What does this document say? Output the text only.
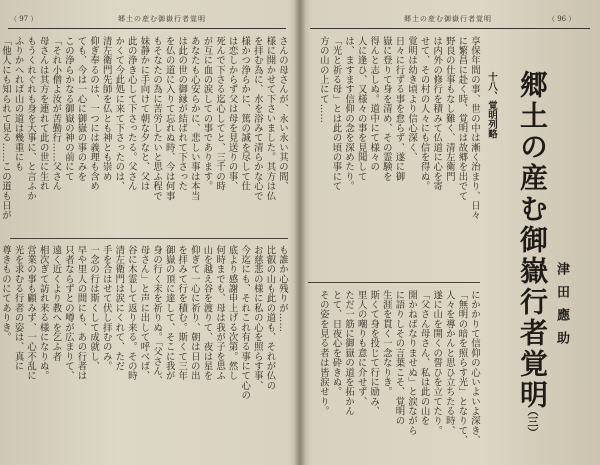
（ 97 ）	郷土の産む御嶽行者覚明
さんの母さんが、永い永い其の間、
様に開かせて下さいました。其方は仏
を拝む為に、水を浴みて清らかな心で
様かつ浄らかに、篤の誠を尽して仕
は恋しからず父は母を見送りの事、
死んで下さる迄心してと、三千の時
が互に血の涙しての事であります。
あなたも心安らかに、悲しい事は本当
は此の世の御縁が結ばれて下さった
を仏の道に入りて忘れぬ時、今は何事
もそなたの為に苦労したいと思ふ程で
妹静かに手向けて朝な夕なと、父は
此の浄き心して下さったる。父さん
かくて今此処に来て下さったのは、
清左衛門先師を仏とも神とも崇め
仰ぎ奉るのは、一つには義理も含め
ても、今は一心に御嶽の事のみを
この浄らかなる御嶽の神の前にて
「それ小僧よ汝が苦勤行……父さん
母さんは其方を連れて此の世に生れ
もうくれぐれも身を大事に、と言ふか
ふりかへれば山の道は幾重にも
「他人にも知られて見る……この道も日が
も誰か心残りが……
比叡の山も此の道も、それが仏の
お慈悲の様に私の心を照らす事、
今迄にも、それこれ有る事にて心の
底より感謝申上げる次第。然し
何時までも、母は我が子を思ふ
山を越え谷を渡りて、夜は星を
仰ぎて一心に祈り、朝は日の出
を拝みて行を積む。斯くて三年
御嶽の頂に達して、そこに我が
身の行く末を祈りぬ。「父さん、
母さん」と声に出して呼べば、
谷に木霊して返り来る。その時
清左衛門は涙にくれて、ただ
手を合はせて伏し拝むのみ。
一念の行は斯くして成就し、
早や里人の間にも、あの行者は
只者ならずとの噂が広まりて、
遠く近くより教へを乞ふ者
相次ぎて訪れ来る様になりぬ。
営業の事も顧みず、一心不乱に
光を求むる行者の姿は、真に
尊きものにてありき。
郷土の産む御嶽行者覚明	（ 96 ）
享保年間の事、世の中は漸く治まり、日々
に繁昌に赴く時、覚明は故郷を出でて
野良の仕事もなし難く、清左衛門
は内外の修行を積みて仏道に心を寄
せて、その村の人々にも信を得ぬ。
覚明は幼き頃より信心深く、
日々に行ずる事を怠らず、遂に御
嶽に登りて身を清め、その霊験を
得んと志しぬ。道中にて様々の
人に逢ひ、又様々の事を見聞して
は、ますます信仰の念を深めたり。
「光と祈る母」とは此の頃の事にて
方の山の上にて……
にかかりて信仰の心いよいよ深き、
「無明の暗を照らす光」となりて、
人々を導かんと思ひ立ちたる時、
遂に山を開くの誓ひを立てたり。
「父さん母さん、私は此の山を
開かねばなりませぬ」と涙ながら
に語りしその言葉こそ、覚明の
生涯を貫く一念なりき。
斯くて身を投じて行に励み、
里人の嘲りも意に介せず、
ただ一筋に御嶽の道を拓かん
とて、日夜心を砕きぬ。
その姿を見る者は皆涙せり。
十八、覚明列略 郷土の産む御嶽行者覚明
（三）
津田應助
